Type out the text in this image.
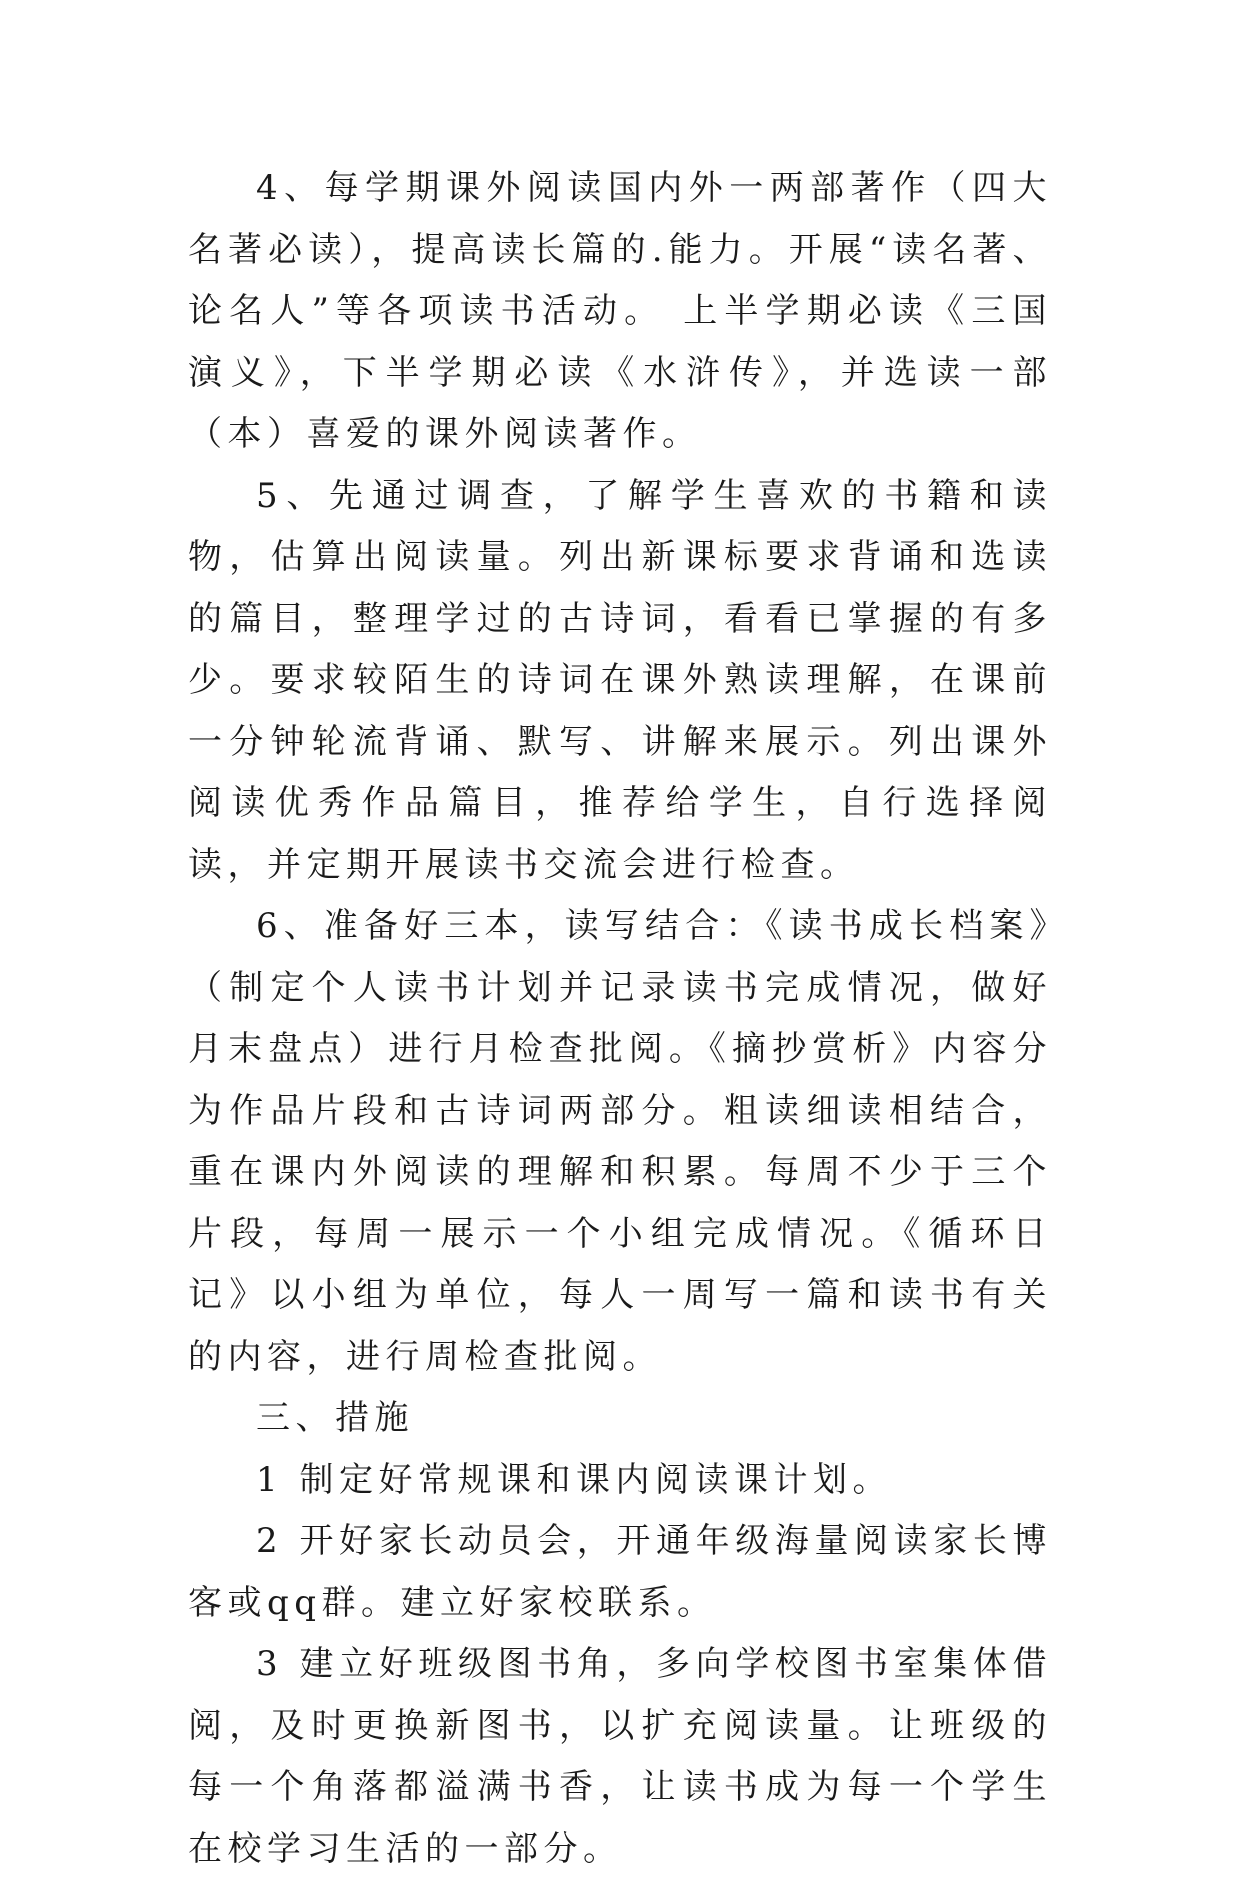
4、每学期课外阅读国内外一两部著作（四大名著必读），提高读长篇的.能力。开展“读名著、论名人”等各项读书活动。 上半学期必读《三国演义》，下半学期必读《水浒传》，并选读一部（本）喜爱的课外阅读著作。

5、先通过调查，了解学生喜欢的书籍和读物，估算出阅读量。列出新课标要求背诵和选读的篇目，整理学过的古诗词，看看已掌握的有多少。要求较陌生的诗词在课外熟读理解，在课前一分钟轮流背诵、默写、讲解来展示。列出课外阅读优秀作品篇目，推荐给学生，自行选择阅读，并定期开展读书交流会进行检查。

6、准备好三本，读写结合：《读书成长档案》（制定个人读书计划并记录读书完成情况，做好月末盘点）进行月检查批阅。《摘抄赏析》内容分为作品片段和古诗词两部分。粗读细读相结合，重在课内外阅读的理解和积累。每周不少于三个片段，每周一展示一个小组完成情况。《循环日记》以小组为单位，每人一周写一篇和读书有关的内容，进行周检查批阅。

三、措施

1 制定好常规课和课内阅读课计划。

2 开好家长动员会，开通年级海量阅读家长博客或qq群。建立好家校联系。

3 建立好班级图书角，多向学校图书室集体借阅，及时更换新图书，以扩充阅读量。让班级的每一个角落都溢满书香，让读书成为每一个学生在校学习生活的一部分。
